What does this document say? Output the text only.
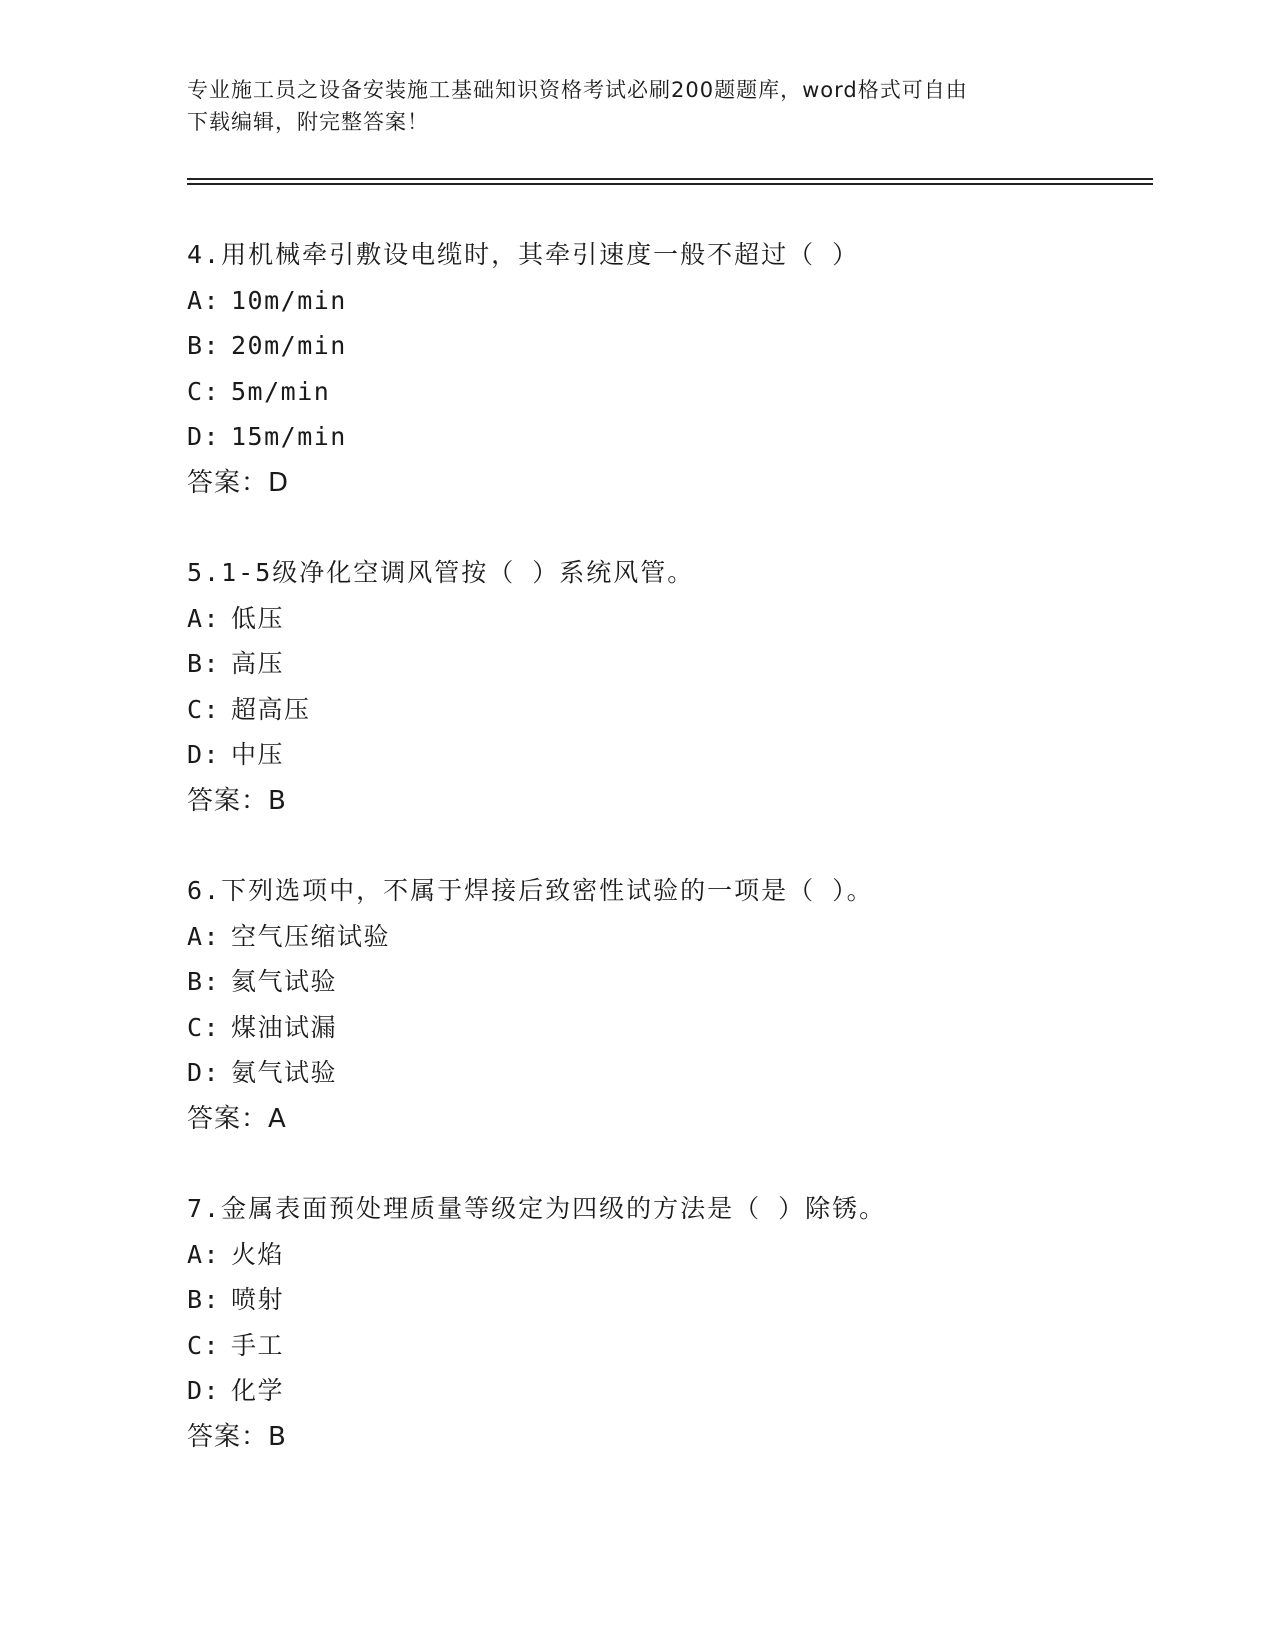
专业施工员之设备安装施工基础知识资格考试必刷200题题库，word格式可自由
下载编辑，附完整答案！
4.用机械牵引敷设电缆时，其牵引速度一般不超过（ ）
A: 10m/min
B: 20m/min
C: 5m/min
D: 15m/min
答案：D
5.1-5级净化空调风管按（ ）系统风管。
A: 低压
B: 高压
C: 超高压
D: 中压
答案：B
6.下列选项中，不属于焊接后致密性试验的一项是（ ）。
A: 空气压缩试验
B: 氦气试验
C: 煤油试漏
D: 氨气试验
答案：A
7.金属表面预处理质量等级定为四级的方法是（ ）除锈。
A: 火焰
B: 喷射
C: 手工
D: 化学
答案：B
